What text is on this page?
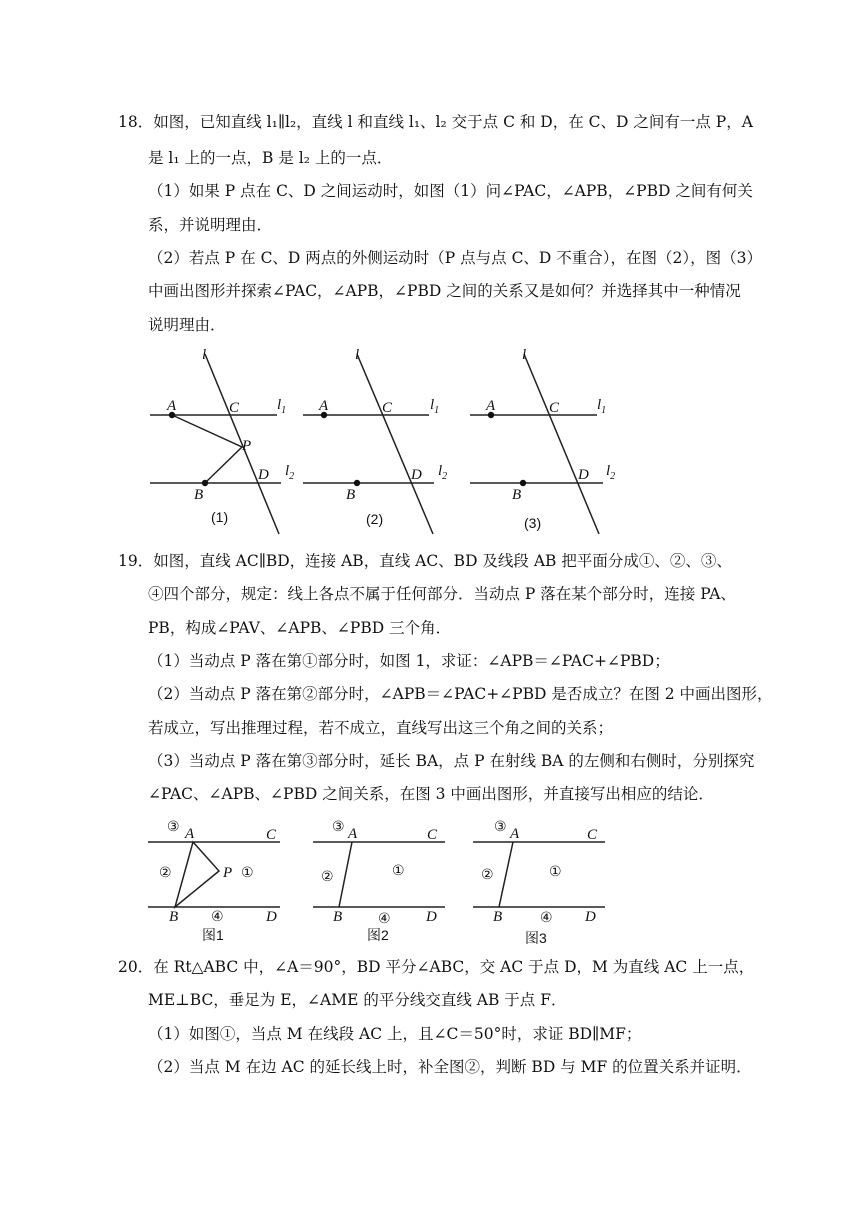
18．如图，已知直线 l₁∥l₂，直线 l 和直线 l₁、l₂ 交于点 C 和 D，在 C、D 之间有一点 P，A
是 l₁ 上的一点，B 是 l₂ 上的一点．
（1）如果 P 点在 C、D 之间运动时，如图（1）问∠PAC，∠APB，∠PBD 之间有何关
系，并说明理由．
（2）若点 P 在 C、D 两点的外侧运动时（P 点与点 C、D 不重合），在图（2），图（3）
中画出图形并探索∠PAC，∠APB，∠PBD 之间的关系又是如何？并选择其中一种情况
说明理由．
l
$l_1$
$l_2$
A	C
P
D
B
(1)
l
$l_1$
$l_2$
A	C
D
B
(2)
l
$l_1$
$l_2$
A	C
D
B
(3)
19．如图，直线 AC∥BD，连接 AB，直线 AC、BD 及线段 AB 把平面分成①、②、③、
④四个部分，规定：线上各点不属于任何部分．当动点 P 落在某个部分时，连接 PA、
PB，构成∠PAV、∠APB、∠PBD 三个角．
（1）当动点 P 落在第①部分时，如图 1，求证：∠APB＝∠PAC+∠PBD；
（2）当动点 P 落在第②部分时，∠APB＝∠PAC+∠PBD 是否成立？在图 2 中画出图形，
若成立，写出推理过程，若不成立，直线写出这三个角之间的关系；
（3）当动点 P 落在第③部分时，延长 BA，点 P 在射线 BA 的左侧和右侧时，分别探究
∠PAC、∠APB、∠PBD 之间关系，在图 3 中画出图形，并直接写出相应的结论．
③ A	C
②	P ①
B ④	D
图1
③ A	C
②	①
B	④ D
图2
③ A	C
②	①
B	④ D
图3
20．在 Rt△ABC 中，∠A＝90°，BD 平分∠ABC，交 AC 于点 D，M 为直线 AC 上一点，
ME⊥BC，垂足为 E，∠AME 的平分线交直线 AB 于点 F．
（1）如图①，当点 M 在线段 AC 上，且∠C＝50°时，求证 BD∥MF；
（2）当点 M 在边 AC 的延长线上时，补全图②，判断 BD 与 MF 的位置关系并证明．
